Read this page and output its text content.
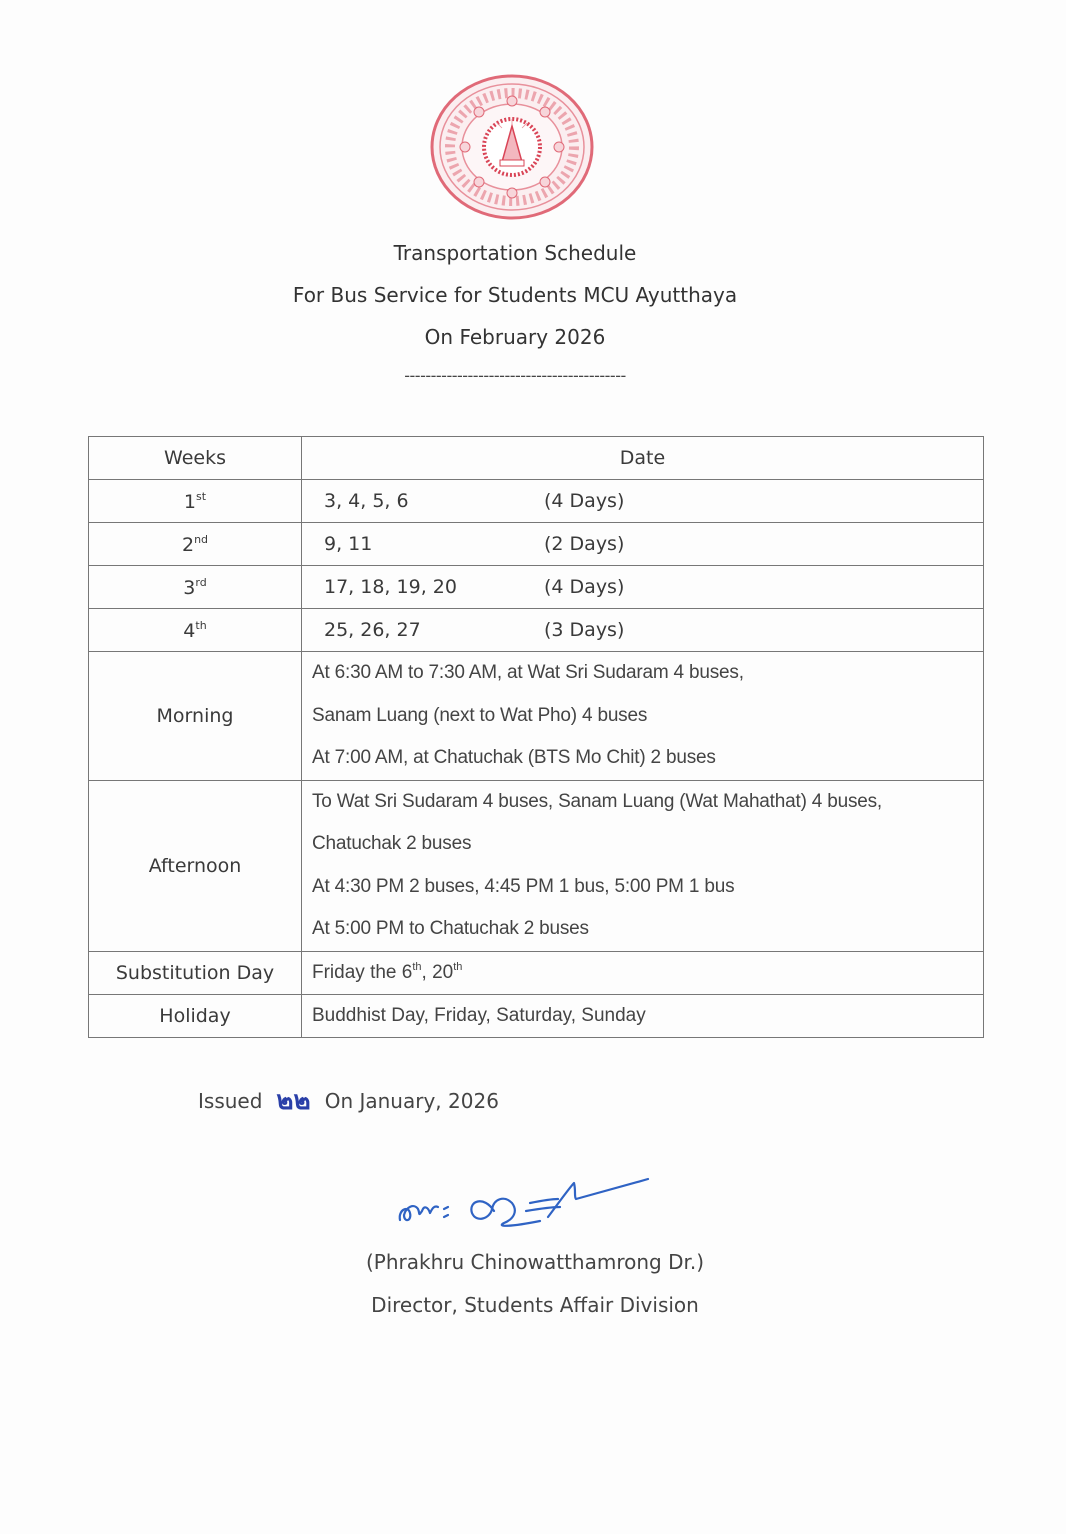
Transportation Schedule
For Bus Service for Students MCU Ayutthaya
On February 2026
------------------------------------------
Weeks	Date
1st	3, 4, 5, 6 (4 Days)
2nd	9, 11 (2 Days)
3rd	17, 18, 19, 20 (4 Days)
4th	25, 26, 27 (3 Days)
Morning	At 6:30 AM to 7:30 AM, at Wat Sri Sudaram 4 buses,
Sanam Luang (next to Wat Pho) 4 buses
At 7:00 AM, at Chatuchak (BTS Mo Chit) 2 buses

Afternoon	To Wat Sri Sudaram 4 buses, Sanam Luang (Wat Mahathat) 4 buses,
Chatuchak 2 buses
At 4:30 PM 2 buses, 4:45 PM 1 bus, 5:00 PM 1 bus
At 5:00 PM to Chatuchak 2 buses

Substitution Day	Friday the 6th, 20th
Holiday	Buddhist Day, Friday, Saturday, Sunday
Issued ๒๒ On January, 2026
(Phrakhru Chinowatthamrong Dr.)
Director, Students Affair Division
